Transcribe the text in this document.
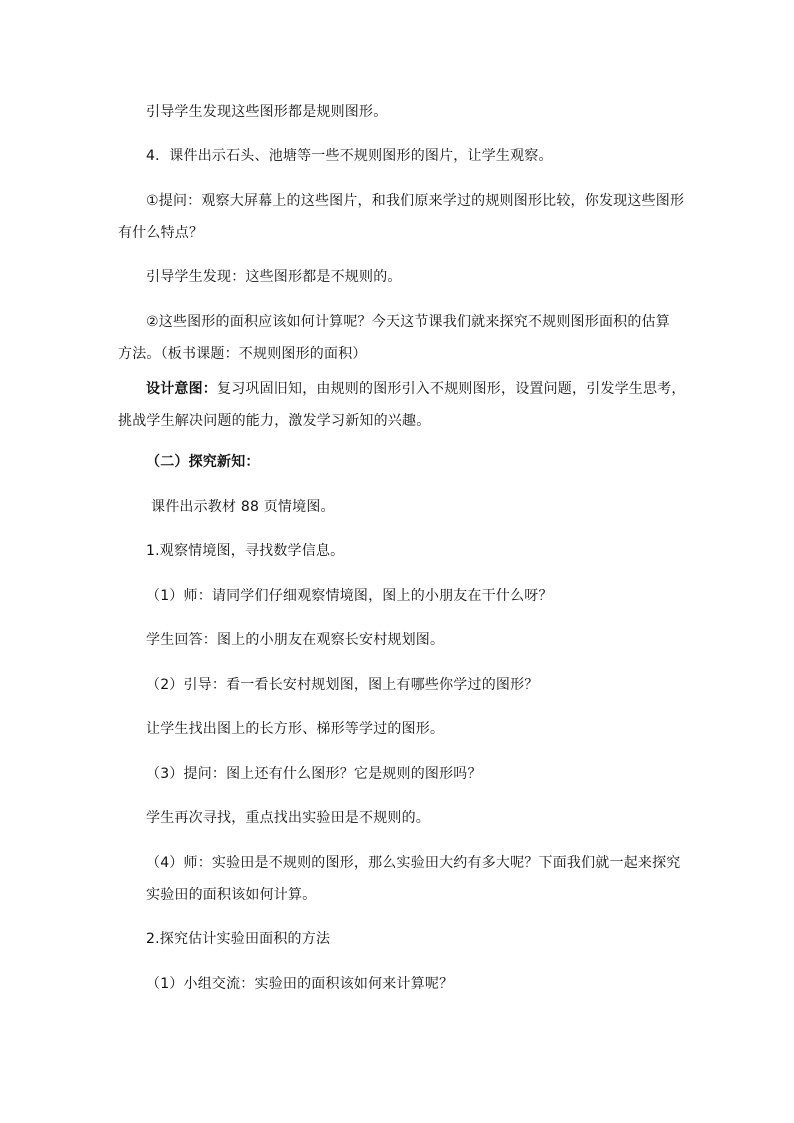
引导学生发现这些图形都是规则图形。
4．课件出示石头、池塘等一些不规则图形的图片，让学生观察。
①提问：观察大屏幕上的这些图片，和我们原来学过的规则图形比较，你发现这些图形
有什么特点？
引导学生发现：这些图形都是不规则的。
②这些图形的面积应该如何计算呢？今天这节课我们就来探究不规则图形面积的估算
方法。（板书课题：不规则图形的面积）
设计意图：复习巩固旧知，由规则的图形引入不规则图形，设置问题，引发学生思考，
挑战学生解决问题的能力，激发学习新知的兴趣。
（二）探究新知：
课件出示教材 88 页情境图。
1.观察情境图，寻找数学信息。
（1）师：请同学们仔细观察情境图，图上的小朋友在干什么呀？
学生回答：图上的小朋友在观察长安村规划图。
（2）引导：看一看长安村规划图，图上有哪些你学过的图形？
让学生找出图上的长方形、梯形等学过的图形。
（3）提问：图上还有什么图形？它是规则的图形吗？
学生再次寻找，重点找出实验田是不规则的。
（4）师：实验田是不规则的图形，那么实验田大约有多大呢？下面我们就一起来探究
实验田的面积该如何计算。
2.探究估计实验田面积的方法
（1）小组交流：实验田的面积该如何来计算呢？
